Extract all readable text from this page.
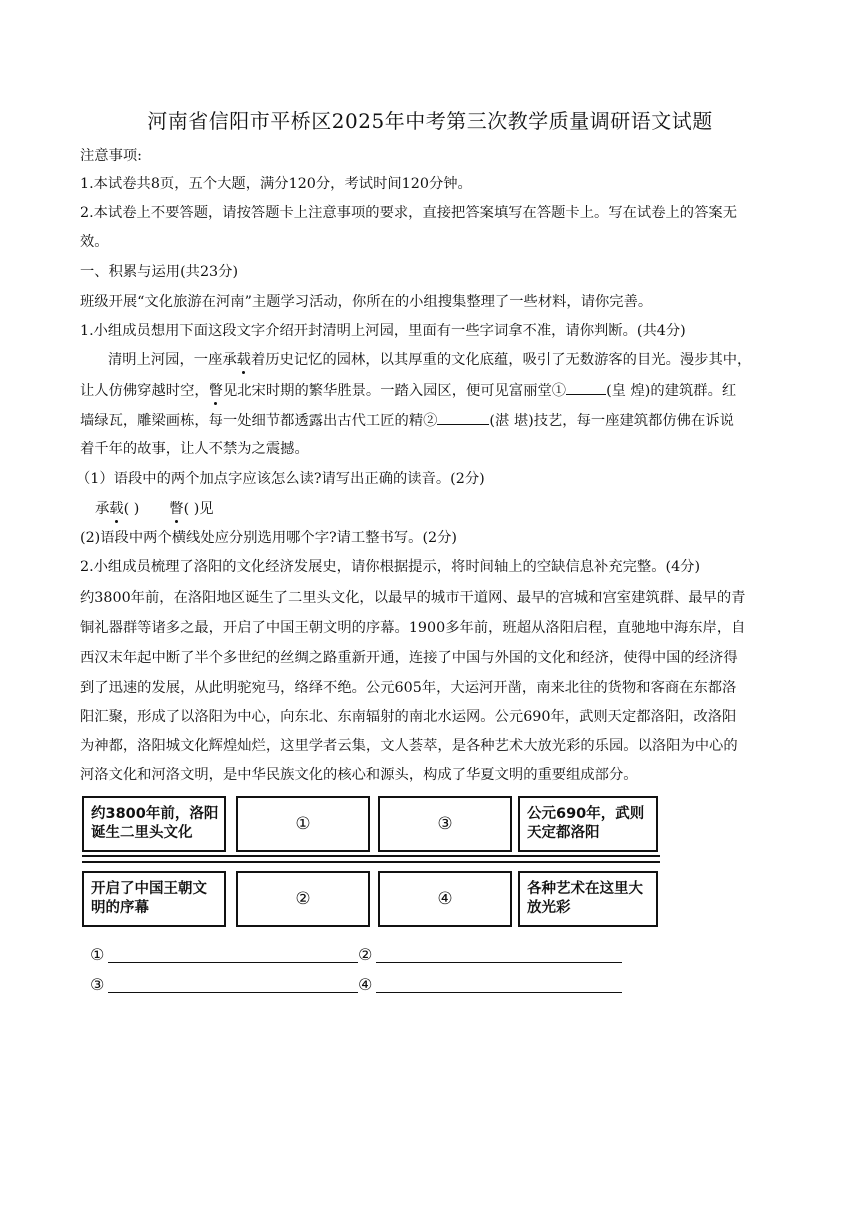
河南省信阳市平桥区2025年中考第三次教学质量调研语文试题
注意事项:
1.本试卷共8页，五个大题，满分120分，考试时间120分钟。
2.本试卷上不要答题，请按答题卡上注意事项的要求，直接把答案填写在答题卡上。写在试卷上的答案无
效。
一、积累与运用(共23分)
班级开展“文化旅游在河南”主题学习活动，你所在的小组搜集整理了一些材料，请你完善。
1.小组成员想用下面这段文字介绍开封清明上河园，里面有一些字词拿不准，请你判断。(共4分)
清明上河园，一座承载着历史记忆的园林，以其厚重的文化底蕴，吸引了无数游客的目光。漫步其中，
让人仿佛穿越时空，瞥见北宋时期的繁华胜景。一踏入园区，便可见富丽堂①	(皇 煌)的建筑群。红
墙绿瓦，雕梁画栋，每一处细节都透露出古代工匠的精②	(湛 堪)技艺，每一座建筑都仿佛在诉说
着千年的故事，让人不禁为之震撼。
（1）语段中的两个加点字应该怎么读?请写出正确的读音。(2分)
承载( ) 瞥( )见
(2)语段中两个横线处应分别选用哪个字?请工整书写。(2分)
2.小组成员梳理了洛阳的文化经济发展史，请你根据提示，将时间轴上的空缺信息补充完整。(4分)
约3800年前，在洛阳地区诞生了二里头文化，以最早的城市干道网、最早的宫城和宫室建筑群、最早的青
铜礼器群等诸多之最，开启了中国王朝文明的序幕。1900多年前，班超从洛阳启程，直驰地中海东岸，自
西汉末年起中断了半个多世纪的丝绸之路重新开通，连接了中国与外国的文化和经济，使得中国的经济得
到了迅速的发展，从此明驼宛马，络绎不绝。公元605年，大运河开凿，南来北往的货物和客商在东都洛
阳汇聚，形成了以洛阳为中心，向东北、东南辐射的南北水运网。公元690年，武则天定都洛阳，改洛阳
为神都，洛阳城文化辉煌灿烂，这里学者云集，文人荟萃，是各种艺术大放光彩的乐园。以洛阳为中心的
河洛文化和河洛文明，是中华民族文化的核心和源头，构成了华夏文明的重要组成部分。
约3800年前，洛阳
诞生二里头文化	①	③	公元690年，武则
天定都洛阳
开启了中国王朝文
明的序幕	②	④	各种艺术在这里大
放光彩
①	②
③	④
